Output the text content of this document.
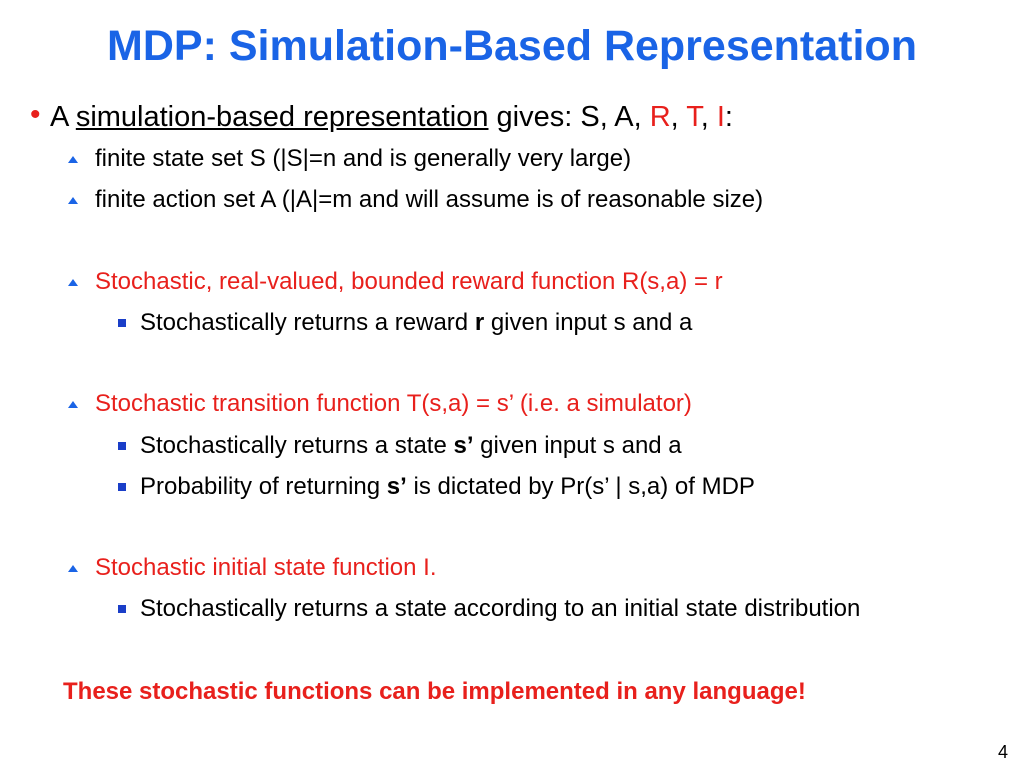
MDP: Simulation-Based Representation
• A simulation-based representation gives: S, A, R, T, I:
finite state set S (|S|=n and is generally very large)
finite action set A (|A|=m and will assume is of reasonable size)
Stochastic, real-valued, bounded reward function R(s,a) = r
Stochastically returns a reward r given input s and a
Stochastic transition function T(s,a) = s’ (i.e. a simulator)
Stochastically returns a state s’ given input s and a
Probability of returning s’ is dictated by Pr(s’ | s,a) of MDP
Stochastic initial state function I.
Stochastically returns a state according to an initial state distribution
These stochastic functions can be implemented in any language!
4
